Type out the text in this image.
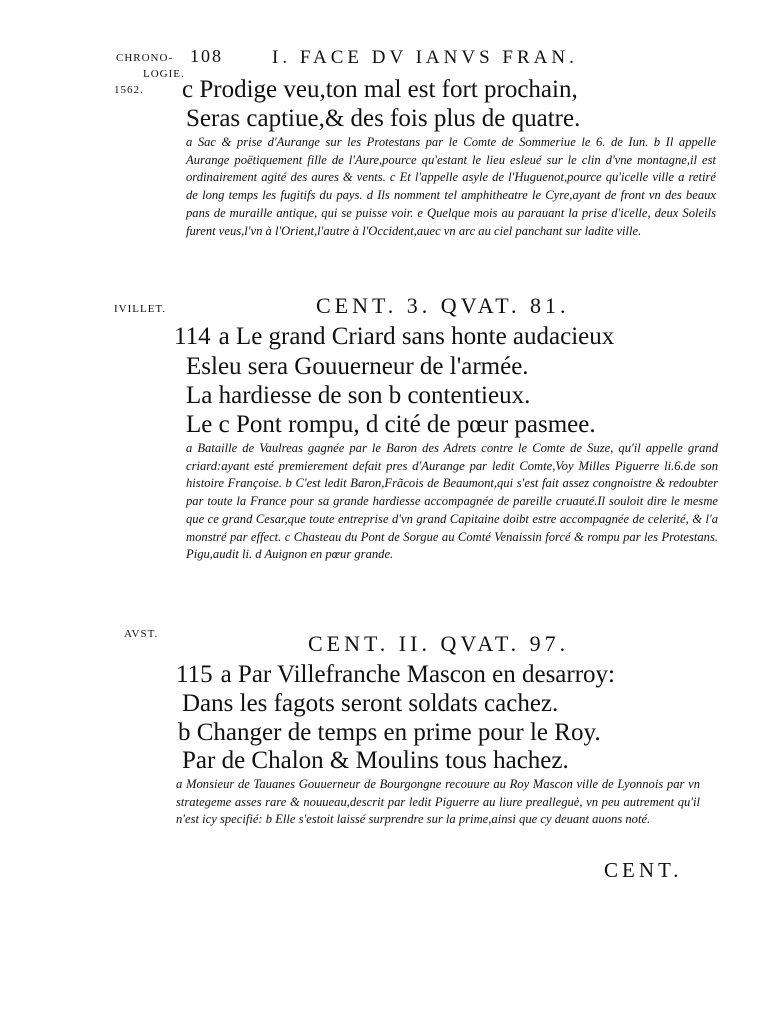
CHRONO-
LOGIE.
1562.
108	I. FACE DV IANVS FRAN.
c Prodige veu,ton mal est fort prochain,
Seras captiue,& des fois plus de quatre.
a Sac & prise d'Aurange sur les Protestans par le Comte de Sommeriue le 6. de Iun. b Il appelle Aurange poëtiquement fille de l'Aure,pource qu'estant le lieu esleué sur le clin d'vne montagne,il est ordinairement agité des aures & vents. c Et l'appelle asyle de l'Huguenot,pource qu'icelle ville a retiré de long temps les fugitifs du pays. d Ils nomment tel amphitheatre le Cyre,ayant de front vn des beaux pans de muraille antique, qui se puisse voir. e Quelque mois au parauant la prise d'icelle, deux Soleils furent veus,l'vn à l'Orient,l'autre à l'Occident,auec vn arc au ciel panchant sur ladite ville.
IVILLET.	CENT. 3. QVAT. 81.
114 a Le grand Criard sans honte audacieux
Esleu sera Gouuerneur de l'armée.
La hardiesse de son b contentieux.
Le c Pont rompu, d cité de pœur pasmee.
a Bataille de Vaulreas gagnée par le Baron des Adrets contre le Comte de Suze, qu'il appelle grand criard:ayant esté premierement defait pres d'Aurange par ledit Comte,Voy Milles Piguerre li.6.de son histoire Françoise. b C'est ledit Baron,Frãcois de Beaumont,qui s'est fait assez congnoistre & redoubter par toute la France pour sa grande hardiesse accompagnée de pareille cruauté.Il souloit dire le mesme que ce grand Cesar,que toute entreprise d'vn grand Capitaine doibt estre accompagnée de celerité, & l'a monstré par effect. c Chasteau du Pont de Sorgue au Comté Venaissin forcé & rompu par les Protestans. Pigu,audit li. d Auignon en pœur grande.
AVST.	CENT. II. QVAT. 97.
115 a Par Villefranche Mascon en desarroy:
Dans les fagots seront soldats cachez.
b Changer de temps en prime pour le Roy.
Par de Chalon & Moulins tous hachez.
a Monsieur de Tauanes Gouuerneur de Bourgongne recouure au Roy Mascon ville de Lyonnois par vn strategeme asses rare & nouueau,descrit par ledit Piguerre au liure prealleguė, vn peu autrement qu'il n'est icy specifié: b Elle s'estoit laissé surprendre sur la prime,ainsi que cy deuant auons noté.
CENT.
